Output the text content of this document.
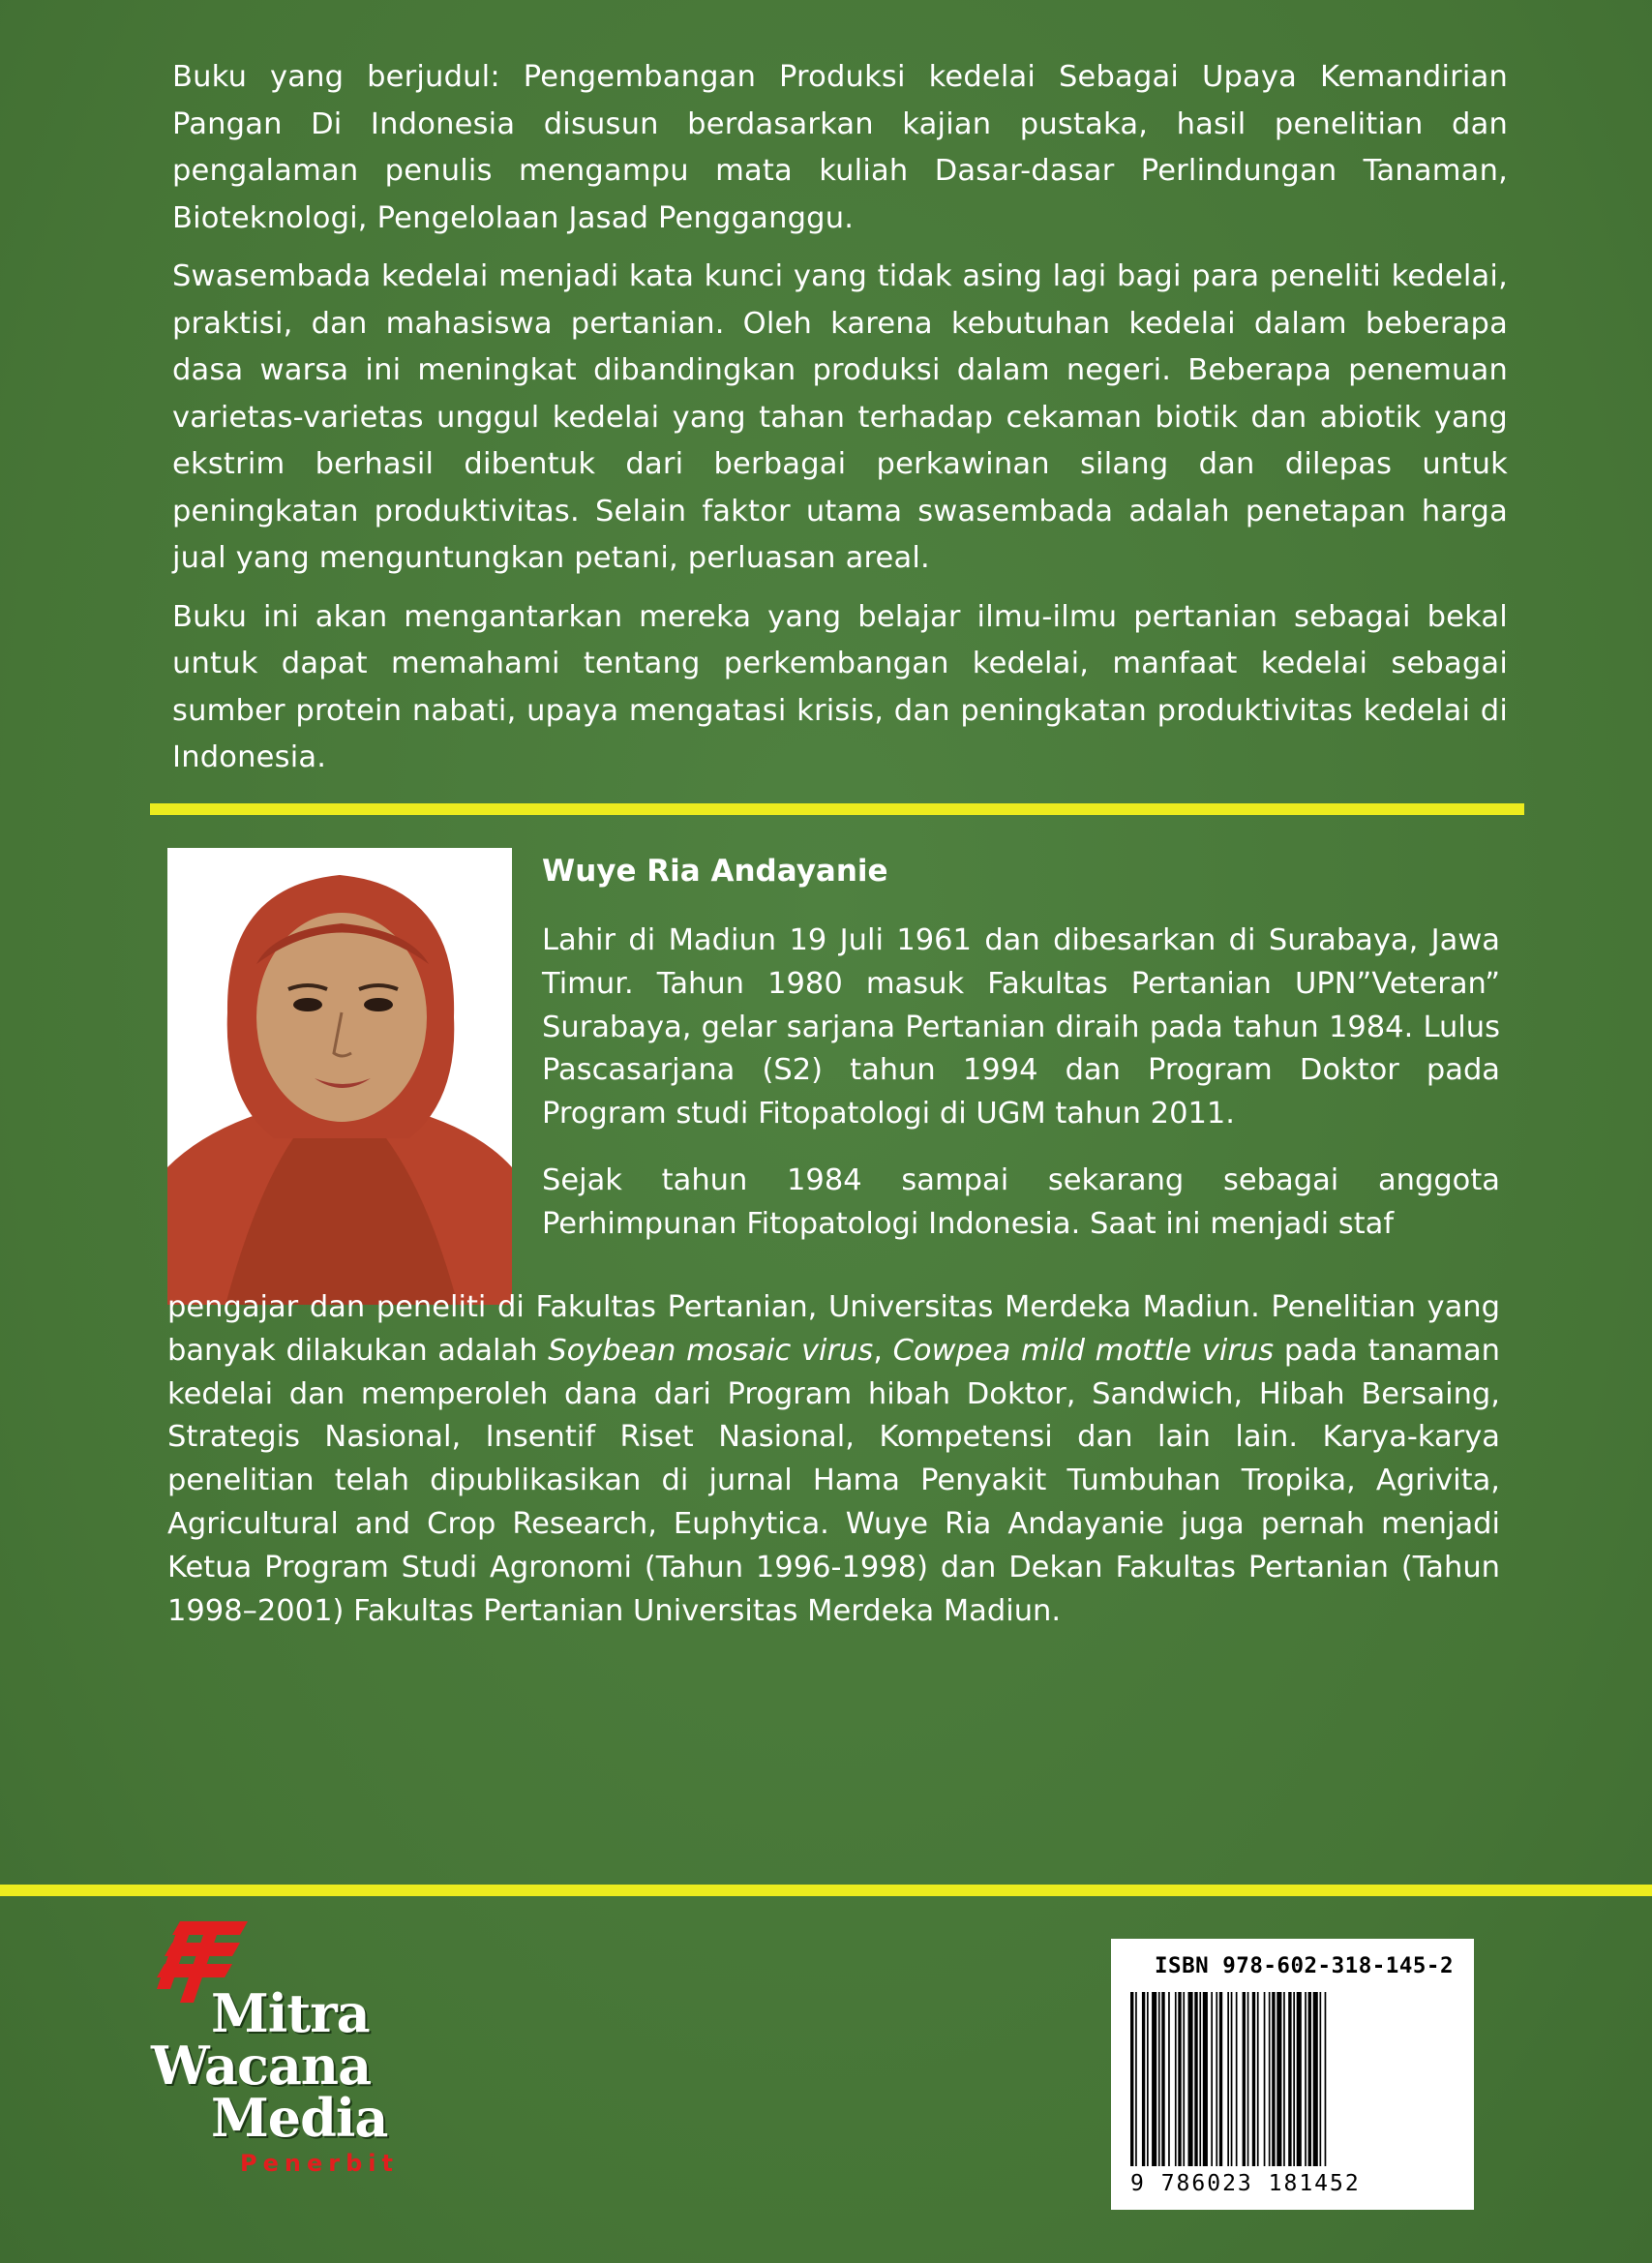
Buku yang berjudul: Pengembangan Produksi kedelai Sebagai Upaya Kemandirian Pangan Di Indonesia disusun berdasarkan kajian pustaka, hasil penelitian dan pengalaman penulis mengampu mata kuliah Dasar-dasar Perlindungan Tanaman, Bioteknologi, Pengelolaan Jasad Pengganggu.

Swasembada kedelai menjadi kata kunci yang tidak asing lagi bagi para peneliti kedelai, praktisi, dan mahasiswa pertanian. Oleh karena kebutuhan kedelai dalam beberapa dasa warsa ini meningkat dibandingkan produksi dalam negeri. Beberapa penemuan varietas-varietas unggul kedelai yang tahan terhadap cekaman biotik dan abiotik yang ekstrim berhasil dibentuk dari berbagai perkawinan silang dan dilepas untuk peningkatan produktivitas. Selain faktor utama swasembada adalah penetapan harga jual yang menguntungkan petani, perluasan areal.

Buku ini akan mengantarkan mereka yang belajar ilmu-ilmu pertanian sebagai bekal untuk dapat memahami tentang perkembangan kedelai, manfaat kedelai sebagai sumber protein nabati, upaya mengatasi krisis, dan peningkatan produktivitas kedelai di Indonesia.

Wuye Ria Andayanie

Lahir di Madiun 19 Juli 1961 dan dibesarkan di Surabaya, Jawa Timur. Tahun 1980 masuk Fakultas Pertanian UPN”Veteran” Surabaya, gelar sarjana Pertanian diraih pada tahun 1984. Lulus Pascasarjana (S2) tahun 1994 dan Program Doktor pada Program studi Fitopatologi di UGM tahun 2011.

Sejak tahun 1984 sampai sekarang sebagai anggota Perhimpunan Fitopatologi Indonesia. Saat ini menjadi staf

pengajar dan peneliti di Fakultas Pertanian, Universitas Merdeka Madiun. Penelitian yang banyak dilakukan adalah Soybean mosaic virus, Cowpea mild mottle virus pada tanaman kedelai dan memperoleh dana dari Program hibah Doktor, Sandwich, Hibah Bersaing, Strategis Nasional, Insentif Riset Nasional, Kompetensi dan lain lain. Karya-karya penelitian telah dipublikasikan di jurnal Hama Penyakit Tumbuhan Tropika, Agrivita, Agricultural and Crop Research, Euphytica. Wuye Ria Andayanie juga pernah menjadi Ketua Program Studi Agronomi (Tahun 1996-1998) dan Dekan Fakultas Pertanian (Tahun 1998–2001) Fakultas Pertanian Universitas Merdeka Madiun.

Mitra
Wacana
Media
Penerbit
ISBN 978-602-318-145-2
9 786023 181452
